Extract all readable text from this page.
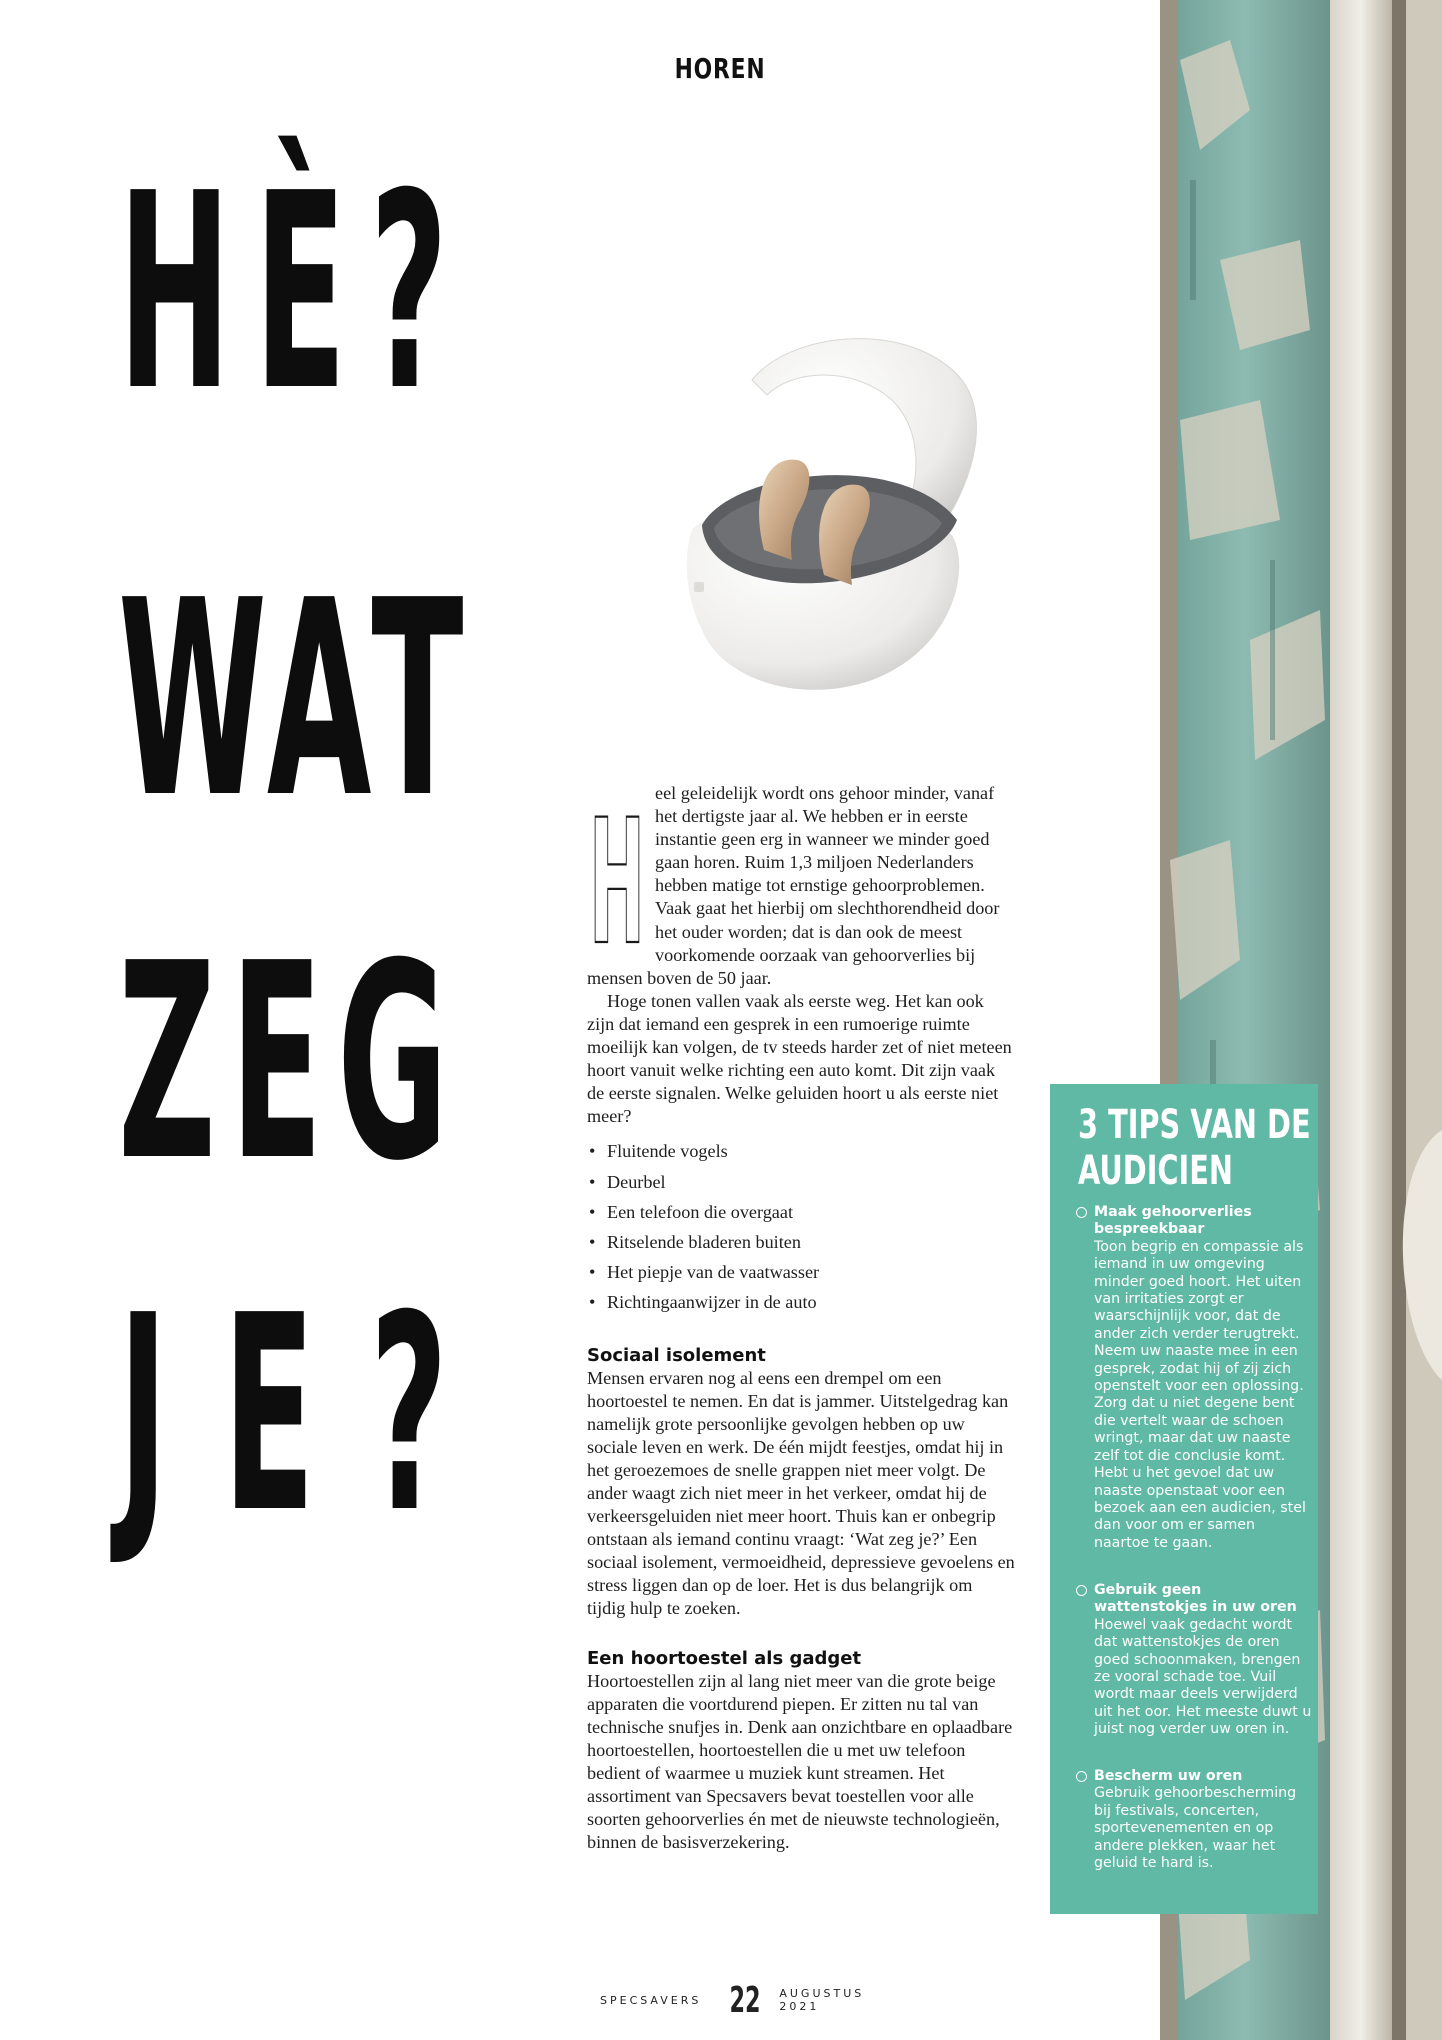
HOREN
H È ?
W A T
Z E G
J E ?
H eel geleidelijk wordt ons gehoor minder, vanaf het dertigste jaar al. We hebben er in eerste instantie geen erg in wanneer we minder goed gaan horen. Ruim 1,3 miljoen Nederlanders hebben matige tot ernstige gehoorproblemen. Vaak gaat het hierbij om slechthorendheid door het ouder worden; dat is dan ook de meest voorkomende oorzaak van gehoorverlies bij mensen boven de 50 jaar.

Hoge tonen vallen vaak als eerste weg. Het kan ook zijn dat iemand een gesprek in een rumoerige ruimte moeilijk kan volgen, de tv steeds harder zet of niet meteen hoort vanuit welke richting een auto komt. Dit zijn vaak de eerste signalen. Welke geluiden hoort u als eerste niet meer?

• Fluitende vogels
• Deurbel
• Een telefoon die overgaat
• Ritselende bladeren buiten
• Het piepje van de vaatwasser
• Richtingaanwijzer in de auto
Sociaal isolement

Mensen ervaren nog al eens een drempel om een hoortoestel te nemen. En dat is jammer. Uitstelgedrag kan namelijk grote persoonlijke gevolgen hebben op uw sociale leven en werk. De één mijdt feestjes, omdat hij in het geroezemoes de snelle grappen niet meer volgt. De ander waagt zich niet meer in het verkeer, omdat hij de verkeersgeluiden niet meer hoort. Thuis kan er onbegrip ontstaan als iemand continu vraagt: ‘Wat zeg je?’ Een sociaal isolement, vermoeidheid, depressieve gevoelens en stress liggen dan op de loer. Het is dus belangrijk om tijdig hulp te zoeken.

Een hoortoestel als gadget

Hoortoestellen zijn al lang niet meer van die grote beige apparaten die voortdurend piepen. Er zitten nu tal van technische snufjes in. Denk aan onzichtbare en oplaadbare hoortoestellen, hoortoestellen die u met uw telefoon bedient of waarmee u muziek kunt streamen. Het assortiment van Specsavers bevat toestellen voor alle soorten gehoorverlies én met de nieuwste technologieën, binnen de basisverzekering.

3 TIPS VAN DE AUDICIEN
Maak gehoorverlies bespreekbaar
Toon begrip en compassie als iemand in uw omgeving minder goed hoort. Het uiten van irritaties zorgt er waarschijnlijk voor, dat de ander zich verder terugtrekt. Neem uw naaste mee in een gesprek, zodat hij of zij zich openstelt voor een oplossing. Zorg dat u niet degene bent die vertelt waar de schoen wringt, maar dat uw naaste zelf tot die conclusie komt. Hebt u het gevoel dat uw naaste openstaat voor een bezoek aan een audicien, stel dan voor om er samen naartoe te gaan.
Gebruik geen wattenstokjes in uw oren
Hoewel vaak gedacht wordt dat wattenstokjes de oren goed schoonmaken, brengen ze vooral schade toe. Vuil wordt maar deels verwijderd uit het oor. Het meeste duwt u juist nog verder uw oren in.
Bescherm uw oren
Gebruik gehoorbescherming bij festivals, concerten, sportevenementen en op andere plekken, waar het geluid te hard is.
SPECSAVERS 22 AUGUSTUS 2021
